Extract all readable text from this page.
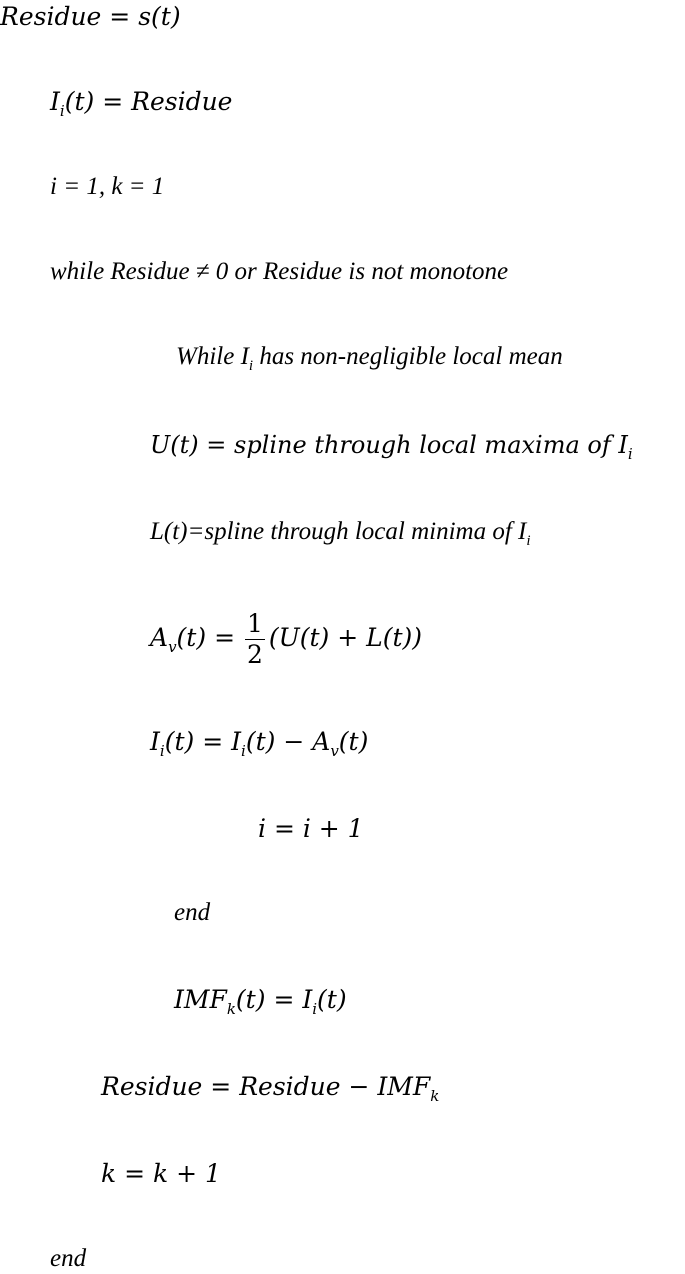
Residue = s(t)
$I_i(t)$ = Residue
i = 1, k = 1
while Residue ≠ 0 or Residue is not monotone
While $I_i$ has non-negligible local mean
U(t) = spline through local maxima of $I_i$
L(t)=spline through local minima of $I_i$
$A_v(t) = \frac{1}{2} (U(t) + L(t))$
$I_i(t) = I_i(t) - A_v(t)$
i = i + 1
end
$IMF_k(t) = I_i(t)$
Residue = Residue − $IMF_k$
k = k + 1
end
